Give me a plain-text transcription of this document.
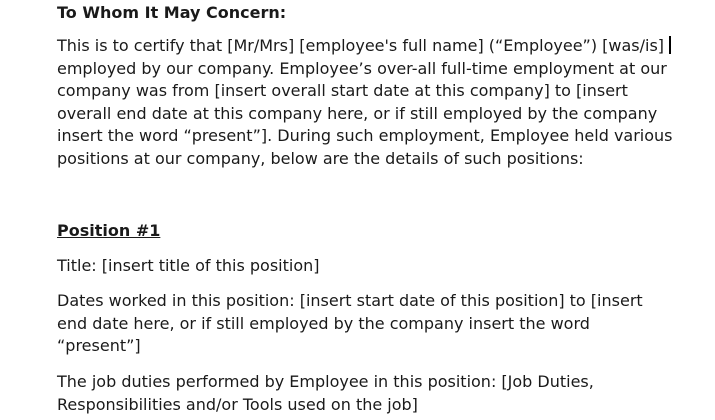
To Whom It May Concern:
This is to certify that [Mr/Mrs] [employee's full name] (“Employee”) [was/is]
employed by our company. Employee’s over-all full-time employment at our
company was from [insert overall start date at this company] to [insert
overall end date at this company here, or if still employed by the company
insert the word “present”]. During such employment, Employee held various
positions at our company, below are the details of such positions:
Position #1
Title: [insert title of this position]
Dates worked in this position: [insert start date of this position] to [insert
end date here, or if still employed by the company insert the word
“present”]
The job duties performed by Employee in this position: [Job Duties,
Responsibilities and/or Tools used on the job]
